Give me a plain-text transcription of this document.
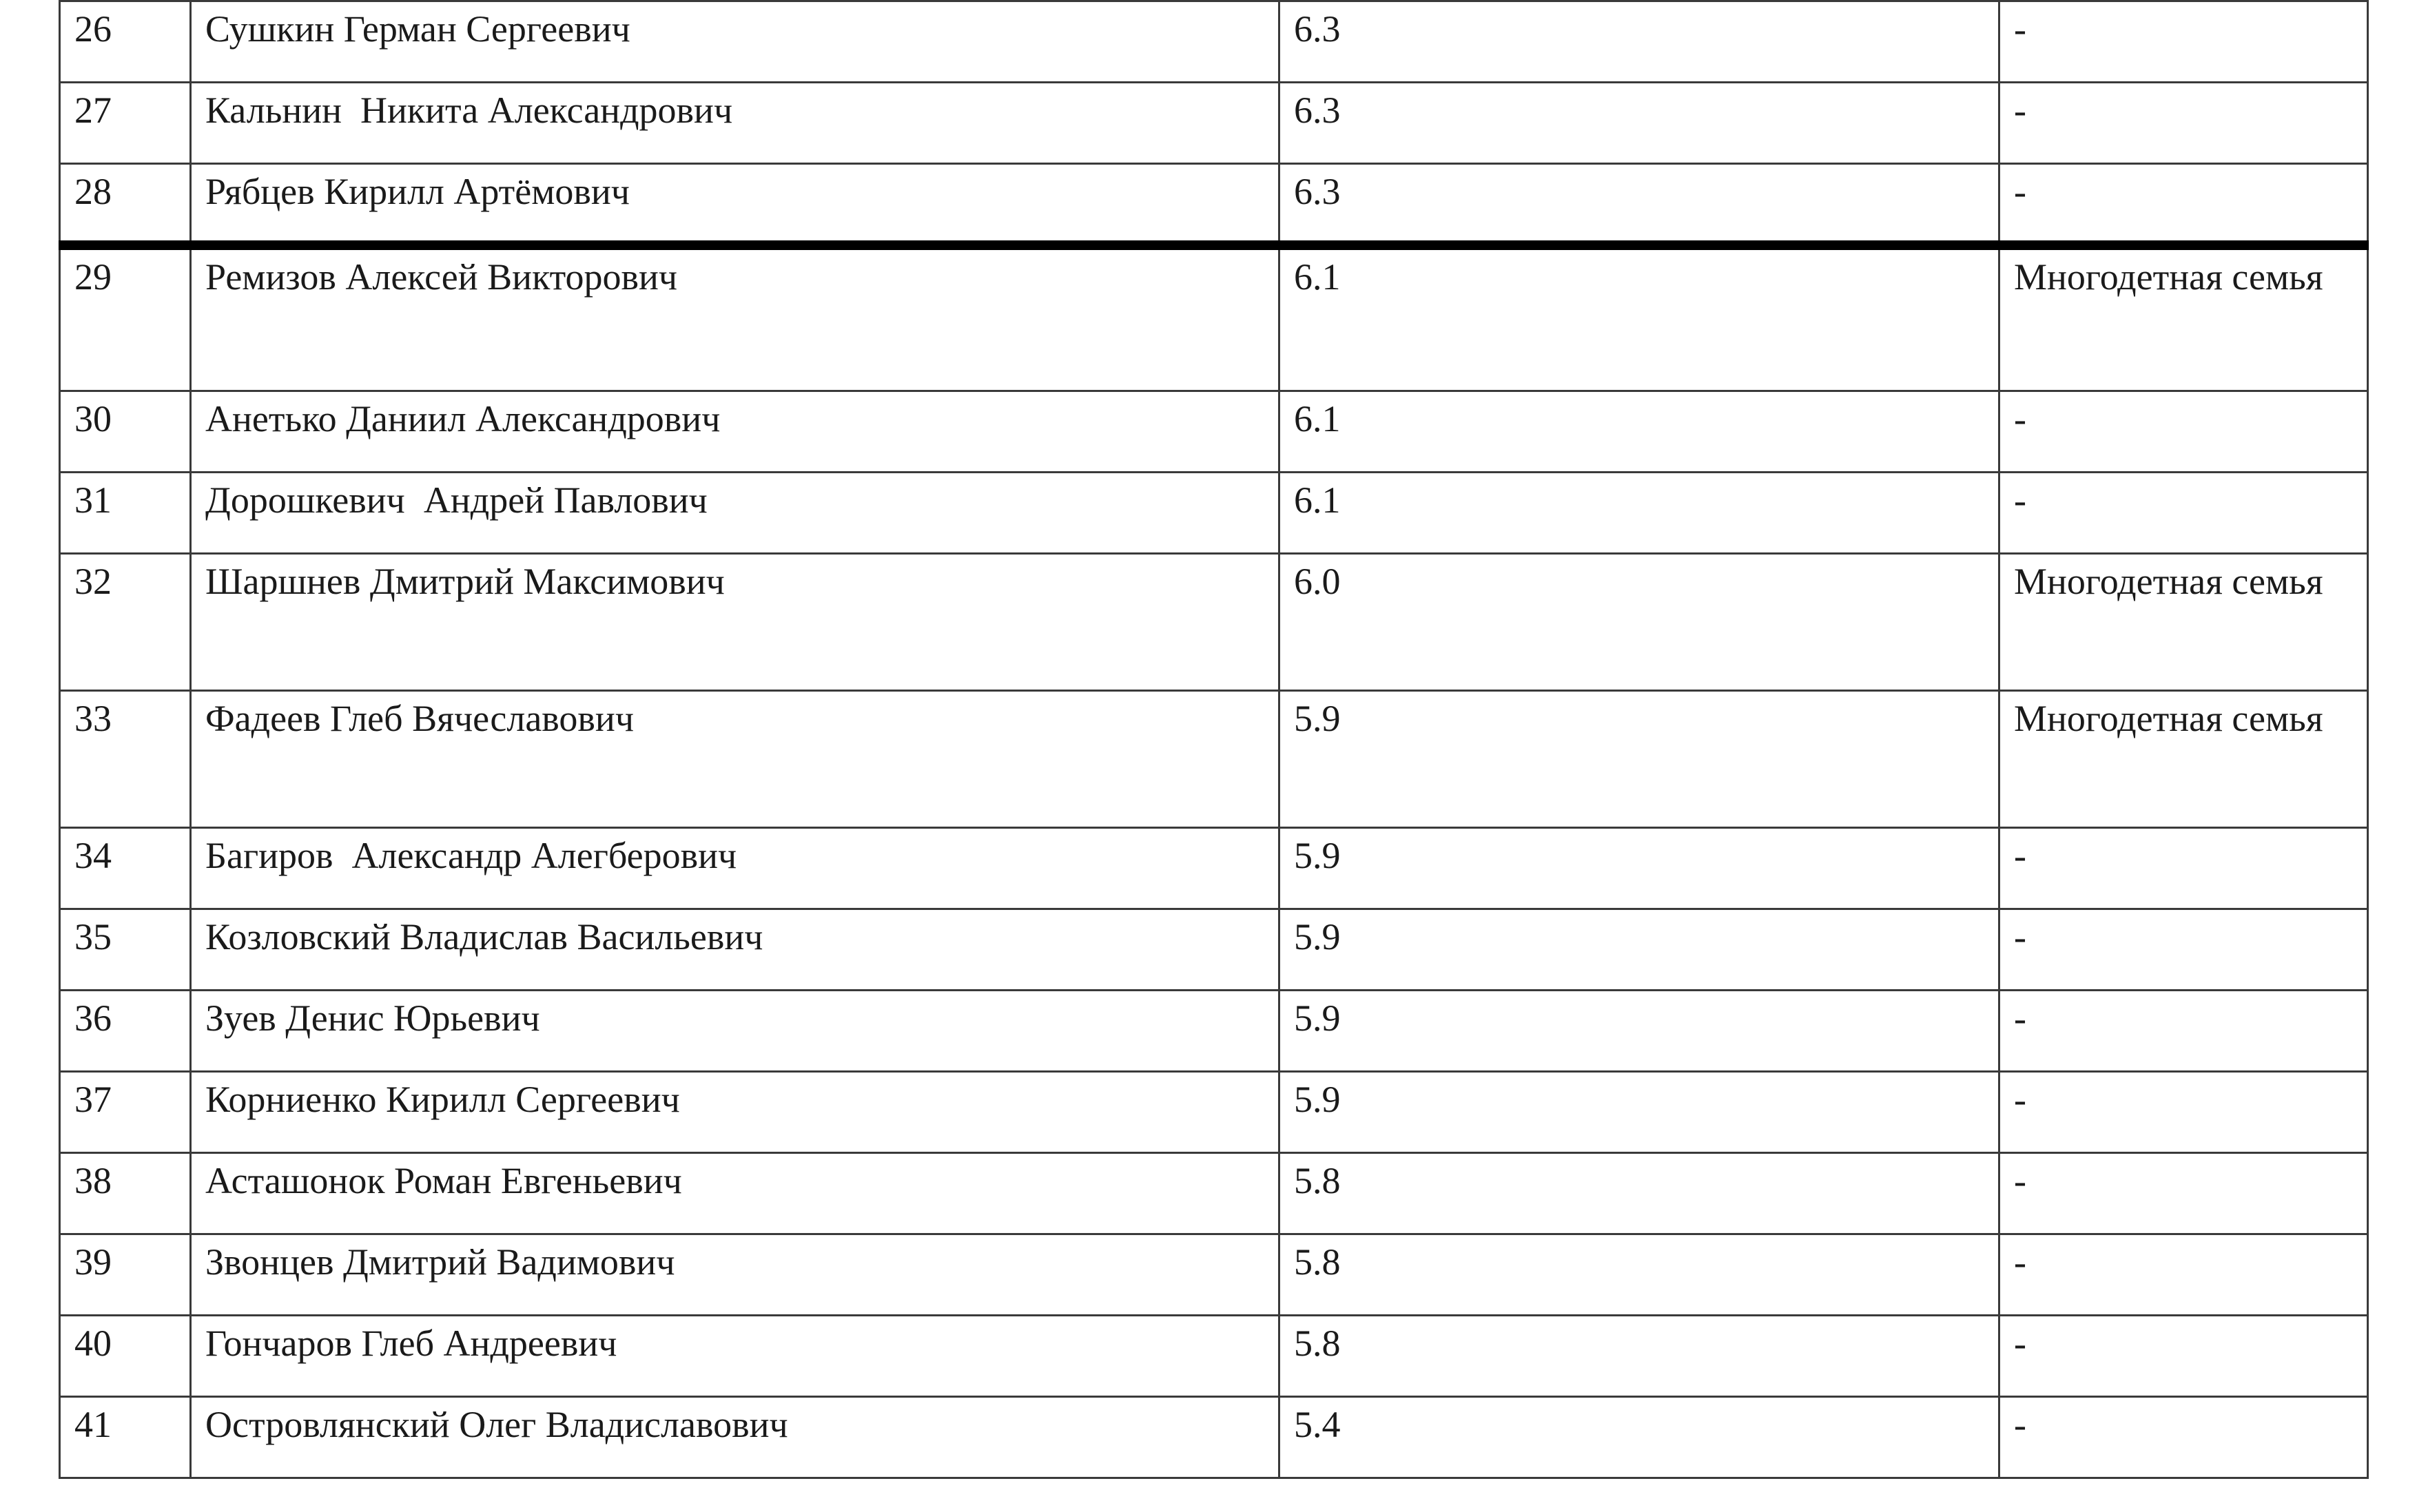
26	Сушкин Герман Сергеевич	6.3	-
27	Кальнин  Никита Александрович	6.3	-
28	Рябцев Кирилл Артёмович	6.3	-
29	Ремизов Алексей Викторович	6.1	Многодетная семья
30	Анетько Даниил Александрович	6.1	-
31	Дорошкевич  Андрей Павлович	6.1	-
32	Шаршнев Дмитрий Максимович	6.0	Многодетная семья
33	Фадеев Глеб Вячеславович	5.9	Многодетная семья
34	Багиров  Александр Алегберович	5.9	-
35	Козловский Владислав Васильевич	5.9	-
36	Зуев Денис Юрьевич	5.9	-
37	Корниенко Кирилл Сергеевич	5.9	-
38	Асташонок Роман Евгеньевич	5.8	-
39	Звонцев Дмитрий Вадимович	5.8	-
40	Гончаров Глеб Андреевич	5.8	-
41	Островлянский Олег Владиславович	5.4	-
